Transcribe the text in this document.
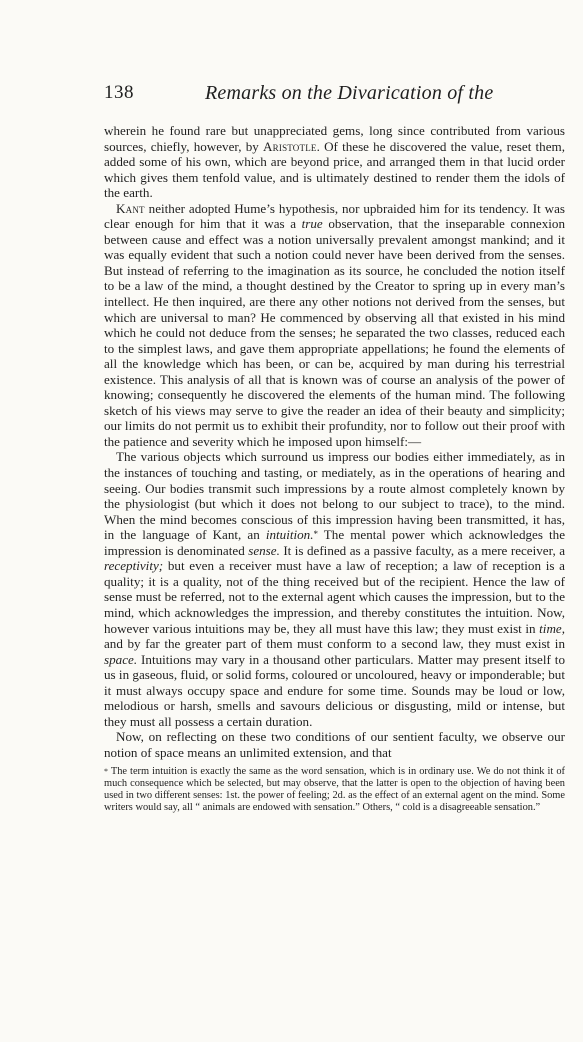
138	Remarks on the Divarication of the

wherein he found rare but unappreciated gems, long since contributed from various sources, chiefly, however, by Aristotle. Of these he discovered the value, reset them, added some of his own, which are beyond price, and arranged them in that lucid order which gives them tenfold value, and is ultimately destined to render them the idols of the earth.

Kant neither adopted Hume’s hypothesis, nor upbraided him for its tendency. It was clear enough for him that it was a true observation, that the inseparable connexion between cause and effect was a notion universally prevalent amongst mankind; and it was equally evident that such a notion could never have been derived from the senses. But instead of referring to the imagination as its source, he concluded the notion itself to be a law of the mind, a thought destined by the Creator to spring up in every man’s intellect. He then inquired, are there any other notions not derived from the senses, but which are universal to man? He commenced by observing all that existed in his mind which he could not deduce from the senses; he separated the two classes, reduced each to the simplest laws, and gave them appropriate appellations; he found the elements of all the knowledge which has been, or can be, acquired by man during his terrestrial existence. This analysis of all that is known was of course an analysis of the power of knowing; consequently he discovered the elements of the human mind. The following sketch of his views may serve to give the reader an idea of their beauty and simplicity; our limits do not permit us to exhibit their profundity, nor to follow out their proof with the patience and severity which he imposed upon himself:—

The various objects which surround us impress our bodies either immediately, as in the instances of touching and tasting, or mediately, as in the operations of hearing and seeing. Our bodies transmit such impressions by a route almost completely known by the physiologist (but which it does not belong to our subject to trace), to the mind. When the mind becomes conscious of this impression having been transmitted, it has, in the language of Kant, an intuition.* The mental power which acknowledges the impression is denominated sense. It is defined as a passive faculty, as a mere receiver, a receptivity; but even a receiver must have a law of reception; a law of reception is a quality; it is a quality, not of the thing received but of the recipient. Hence the law of sense must be referred, not to the external agent which causes the impression, but to the mind, which acknowledges the impression, and thereby constitutes the intuition. Now, however various intuitions may be, they all must have this law; they must exist in time, and by far the greater part of them must conform to a second law, they must exist in space. Intuitions may vary in a thousand other particulars. Matter may present itself to us in gaseous, fluid, or solid forms, coloured or uncoloured, heavy or imponderable; but it must always occupy space and endure for some time. Sounds may be loud or low, melodious or harsh, smells and savours delicious or disgusting, mild or intense, but they must all possess a certain duration.

Now, on reflecting on these two conditions of our sentient faculty, we observe our notion of space means an unlimited extension, and that

* The term intuition is exactly the same as the word sensation, which is in ordinary use. We do not think it of much consequence which be selected, but may observe, that the latter is open to the objection of having been used in two different senses: 1st. the power of feeling; 2d. as the effect of an external agent on the mind. Some writers would say, all “ animals are endowed with sensation.” Others, “ cold is a disagreeable sensation.”
